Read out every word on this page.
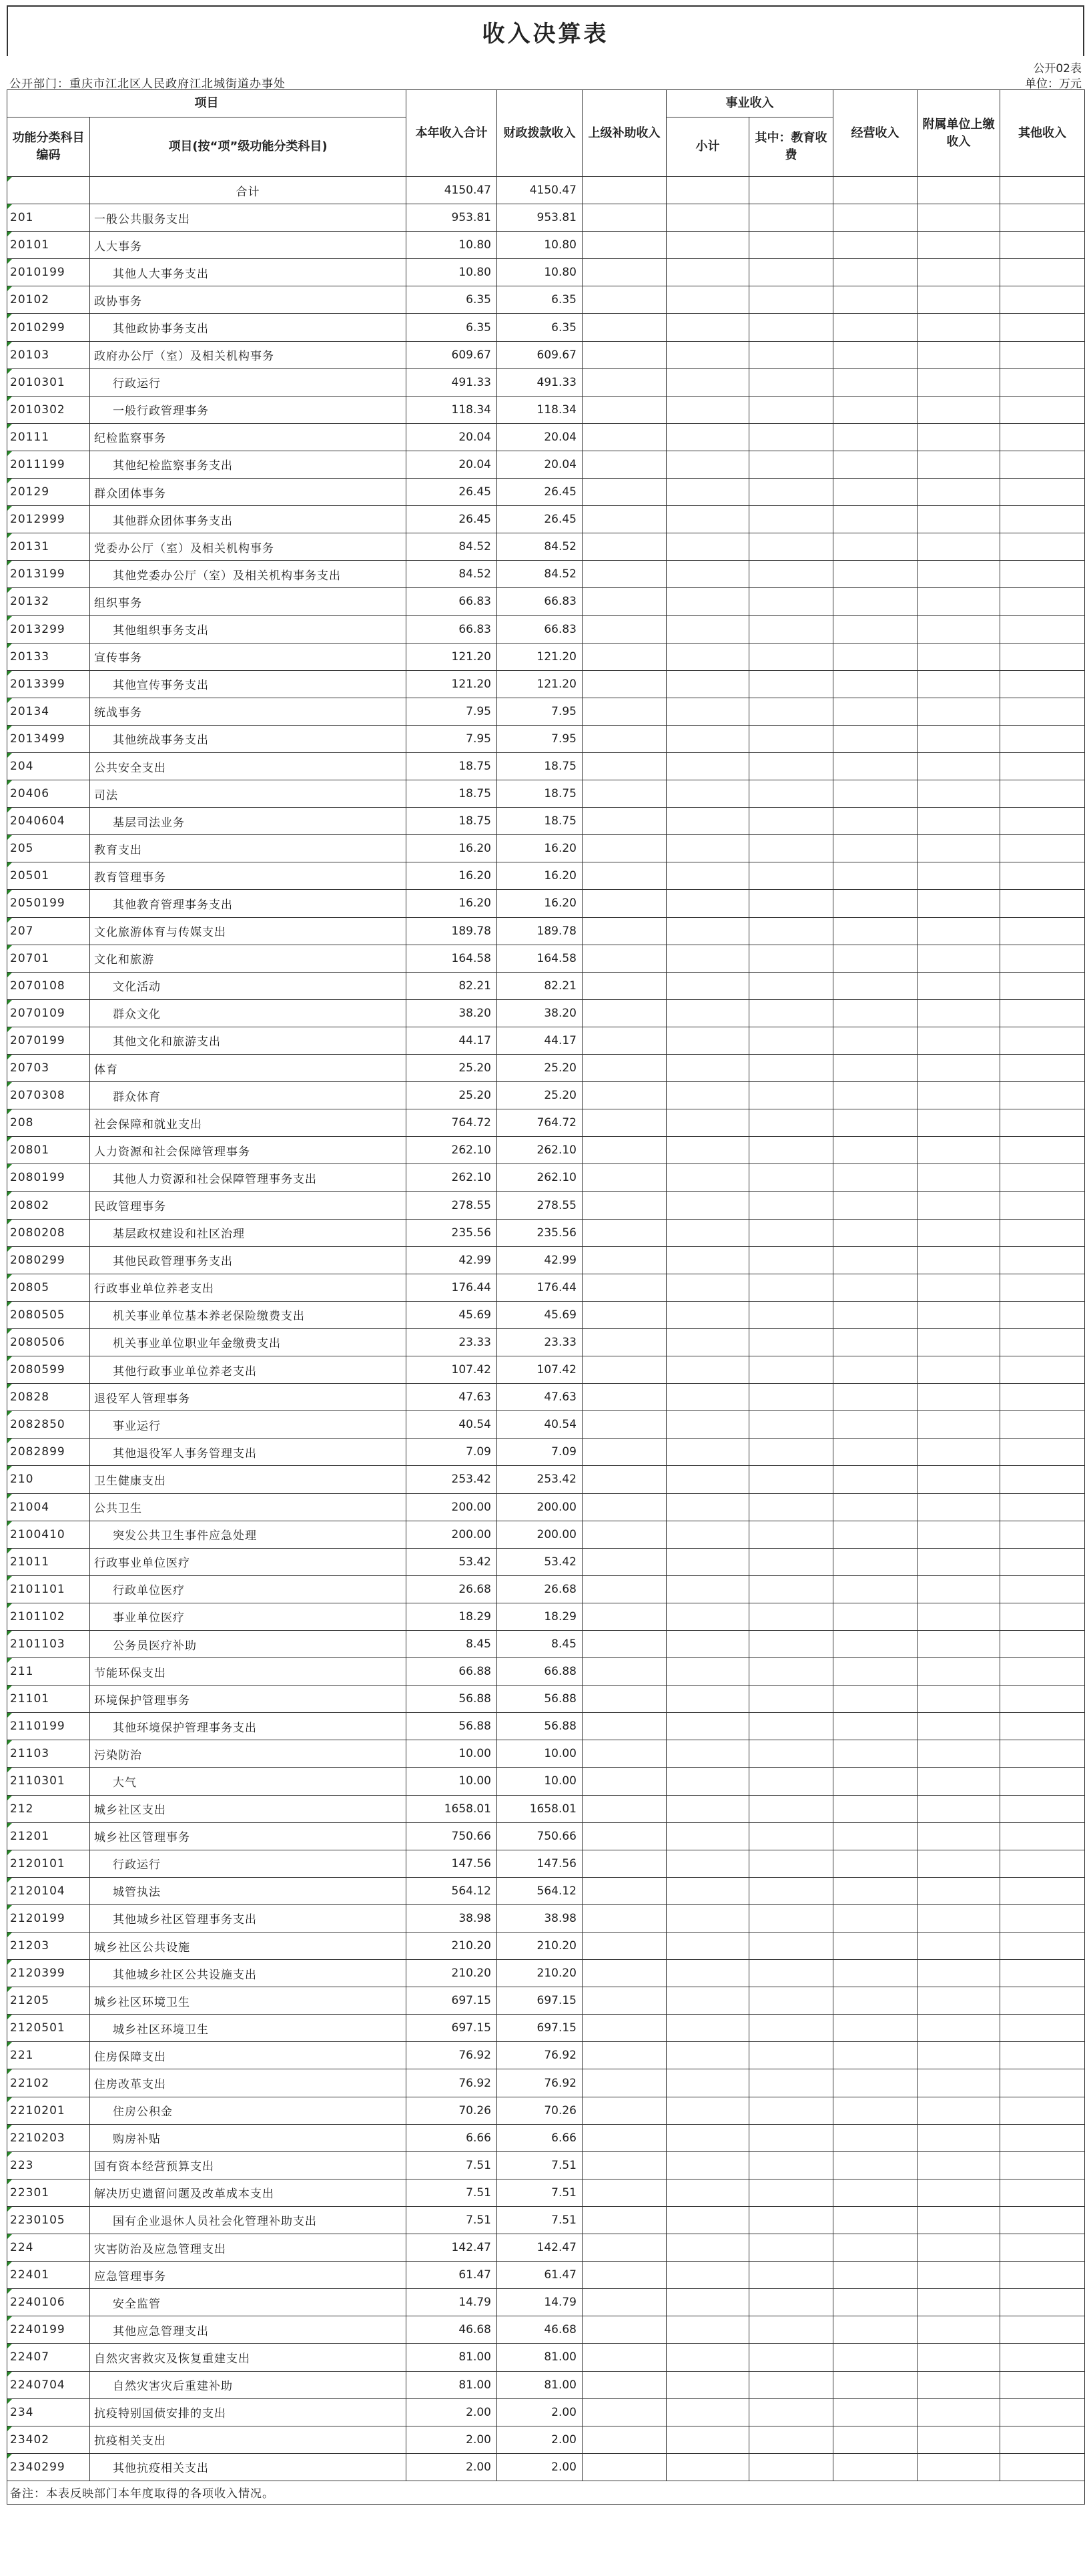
收入决算表
公开02表
公开部门：重庆市江北区人民政府江北城街道办事处	单位：万元
项目		本年收入合计	财政拨款收入	上级补助收入	事业收入		经营收入	附属单位上缴收入	其他收入
功能分类科目编码	项目(按“项”级功能分类科目)								
					小计	其中：教育收费			
	合计	4150.47	4150.47						
201	一般公共服务支出	953.81	953.81						
20101	人大事务	10.80	10.80						
2010199	其他人大事务支出	10.80	10.80						
20102	政协事务	6.35	6.35						
2010299	其他政协事务支出	6.35	6.35						
20103	政府办公厅（室）及相关机构事务	609.67	609.67						
2010301	行政运行	491.33	491.33						
2010302	一般行政管理事务	118.34	118.34						
20111	纪检监察事务	20.04	20.04						
2011199	其他纪检监察事务支出	20.04	20.04						
20129	群众团体事务	26.45	26.45						
2012999	其他群众团体事务支出	26.45	26.45						
20131	党委办公厅（室）及相关机构事务	84.52	84.52						
2013199	其他党委办公厅（室）及相关机构事务支出	84.52	84.52						
20132	组织事务	66.83	66.83						
2013299	其他组织事务支出	66.83	66.83						
20133	宣传事务	121.20	121.20						
2013399	其他宣传事务支出	121.20	121.20						
20134	统战事务	7.95	7.95						
2013499	其他统战事务支出	7.95	7.95						
204	公共安全支出	18.75	18.75						
20406	司法	18.75	18.75						
2040604	基层司法业务	18.75	18.75						
205	教育支出	16.20	16.20						
20501	教育管理事务	16.20	16.20						
2050199	其他教育管理事务支出	16.20	16.20						
207	文化旅游体育与传媒支出	189.78	189.78						
20701	文化和旅游	164.58	164.58						
2070108	文化活动	82.21	82.21						
2070109	群众文化	38.20	38.20						
2070199	其他文化和旅游支出	44.17	44.17						
20703	体育	25.20	25.20						
2070308	群众体育	25.20	25.20						
208	社会保障和就业支出	764.72	764.72						
20801	人力资源和社会保障管理事务	262.10	262.10						
2080199	其他人力资源和社会保障管理事务支出	262.10	262.10						
20802	民政管理事务	278.55	278.55						
2080208	基层政权建设和社区治理	235.56	235.56						
2080299	其他民政管理事务支出	42.99	42.99						
20805	行政事业单位养老支出	176.44	176.44						
2080505	机关事业单位基本养老保险缴费支出	45.69	45.69						
2080506	机关事业单位职业年金缴费支出	23.33	23.33						
2080599	其他行政事业单位养老支出	107.42	107.42						
20828	退役军人管理事务	47.63	47.63						
2082850	事业运行	40.54	40.54						
2082899	其他退役军人事务管理支出	7.09	7.09						
210	卫生健康支出	253.42	253.42						
21004	公共卫生	200.00	200.00						
2100410	突发公共卫生事件应急处理	200.00	200.00						
21011	行政事业单位医疗	53.42	53.42						
2101101	行政单位医疗	26.68	26.68						
2101102	事业单位医疗	18.29	18.29						
2101103	公务员医疗补助	8.45	8.45						
211	节能环保支出	66.88	66.88						
21101	环境保护管理事务	56.88	56.88						
2110199	其他环境保护管理事务支出	56.88	56.88						
21103	污染防治	10.00	10.00						
2110301	大气	10.00	10.00						
212	城乡社区支出	1658.01	1658.01						
21201	城乡社区管理事务	750.66	750.66						
2120101	行政运行	147.56	147.56						
2120104	城管执法	564.12	564.12						
2120199	其他城乡社区管理事务支出	38.98	38.98						
21203	城乡社区公共设施	210.20	210.20						
2120399	其他城乡社区公共设施支出	210.20	210.20						
21205	城乡社区环境卫生	697.15	697.15						
2120501	城乡社区环境卫生	697.15	697.15						
221	住房保障支出	76.92	76.92						
22102	住房改革支出	76.92	76.92						
2210201	住房公积金	70.26	70.26						
2210203	购房补贴	6.66	6.66						
223	国有资本经营预算支出	7.51	7.51						
22301	解决历史遗留问题及改革成本支出	7.51	7.51						
2230105	国有企业退休人员社会化管理补助支出	7.51	7.51						
224	灾害防治及应急管理支出	142.47	142.47						
22401	应急管理事务	61.47	61.47						
2240106	安全监管	14.79	14.79						
2240199	其他应急管理支出	46.68	46.68						
22407	自然灾害救灾及恢复重建支出	81.00	81.00						
2240704	自然灾害灾后重建补助	81.00	81.00						
234	抗疫特别国债安排的支出	2.00	2.00						
23402	抗疫相关支出	2.00	2.00						
2340299	其他抗疫相关支出	2.00	2.00						
备注：本表反映部门本年度取得的各项收入情况。									
